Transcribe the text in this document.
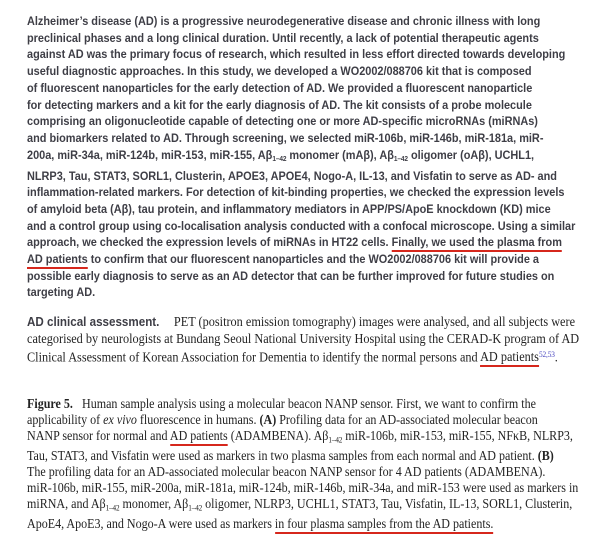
Alzheimer’s disease (AD) is a progressive neurodegenerative disease and chronic illness with long
preclinical phases and a long clinical duration. Until recently, a lack of potential therapeutic agents
against AD was the primary focus of research, which resulted in less effort directed towards developing
useful diagnostic approaches. In this study, we developed a WO2002/088706 kit that is composed
of fluorescent nanoparticles for the early detection of AD. We provided a fluorescent nanoparticle
for detecting markers and a kit for the early diagnosis of AD. The kit consists of a probe molecule
comprising an oligonucleotide capable of detecting one or more AD-specific microRNAs (miRNAs)
and biomarkers related to AD. Through screening, we selected miR-106b, miR-146b, miR-181a, miR-
200a, miR-34a, miR-124b, miR-153, miR-155, $A\beta_{1-42}$ monomer (mAβ), $A\beta_{1-42}$ oligomer (oAβ), UCHL1,
NLRP3, Tau, STAT3, SORL1, Clusterin, APOE3, APOE4, Nogo-A, IL-13, and Visfatin to serve as AD- and
inflammation-related markers. For detection of kit-binding properties, we checked the expression levels
of amyloid beta (Aβ), tau protein, and inflammatory mediators in APP/PS/ApoE knockdown (KD) mice
and a control group using co-localisation analysis conducted with a confocal microscope. Using a similar
approach, we checked the expression levels of miRNAs in HT22 cells. Finally, we used the plasma from
AD patients to confirm that our fluorescent nanoparticles and the WO2002/088706 kit will provide a
possible early diagnosis to serve as an AD detector that can be further improved for future studies on
targeting AD.
AD clinical assessment. PET (positron emission tomography) images were analysed, and all subjects were
categorised by neurologists at Bundang Seoul National University Hospital using the CERAD-K program of AD
Clinical Assessment of Korean Association for Dementia to identify the normal persons and AD patients$^{52,53}$.
Figure 5. Human sample analysis using a molecular beacon NANP sensor. First, we want to confirm the
applicability of ex vivo fluorescence in humans. (A) Profiling data for an AD-associated molecular beacon
NANP sensor for normal and AD patients (ADAMBENA). $A\beta_{1-42}$ miR-106b, miR-153, miR-155, NFκB, NLRP3,
Tau, STAT3, and Visfatin were used as markers in two plasma samples from each normal and AD patient. (B)
The profiling data for an AD-associated molecular beacon NANP sensor for 4 AD patients (ADAMBENA).
miR-106b, miR-155, miR-200a, miR-181a, miR-124b, miR-146b, miR-34a, and miR-153 were used as markers in
miRNA, and $A\beta_{1-42}$ monomer, $A\beta_{1-42}$ oligomer, NLRP3, UCHL1, STAT3, Tau, Visfatin, IL-13, SORL1, Clusterin,
ApoE4, ApoE3, and Nogo-A were used as markers in four plasma samples from the AD patients.
